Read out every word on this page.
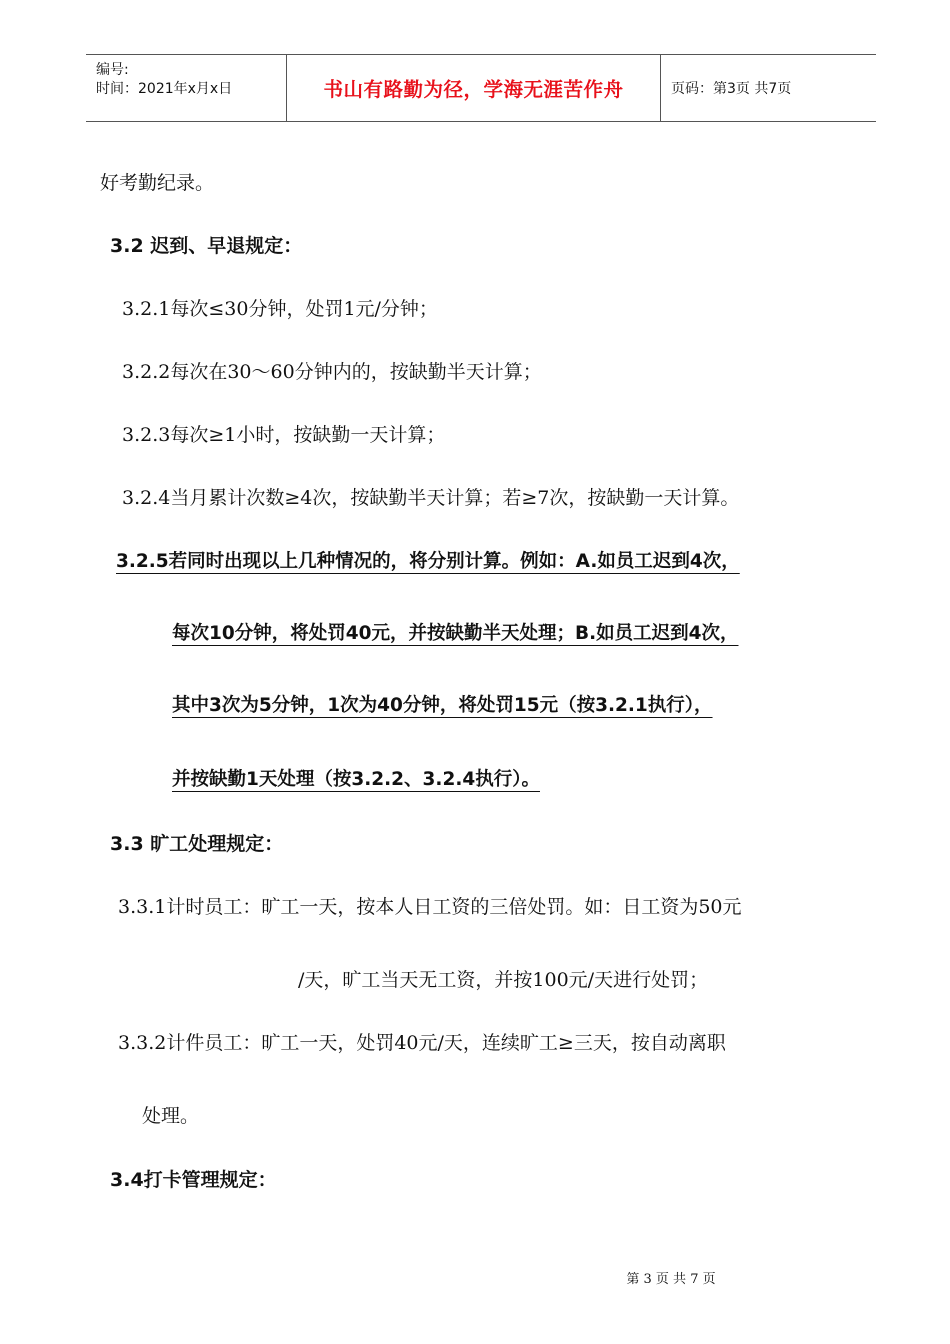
编号:
时间：2021年x月x日	书山有路勤为径，学海无涯苦作舟	页码：第3页 共7页
好考勤纪录。
3.2 迟到、早退规定：
3.2.1每次≤30分钟，处罚1元/分钟；
3.2.2每次在30～60分钟内的，按缺勤半天计算；
3.2.3每次≥1小时，按缺勤一天计算；
3.2.4当月累计次数≥4次，按缺勤半天计算；若≥7次，按缺勤一天计算。
3.2.5若同时出现以上几种情况的，将分别计算。例如：A.如员工迟到4次，
每次10分钟，将处罚40元，并按缺勤半天处理；B.如员工迟到4次，
其中3次为5分钟，1次为40分钟，将处罚15元（按3.2.1执行），
并按缺勤1天处理（按3.2.2、3.2.4执行）。
3.3 旷工处理规定：
3.3.1计时员工：旷工一天，按本人日工资的三倍处罚。如：日工资为50元
/天，旷工当天无工资，并按100元/天进行处罚；
3.3.2计件员工：旷工一天，处罚40元/天，连续旷工≥三天，按自动离职
处理。
3.4打卡管理规定：
第 3 页 共 7 页
